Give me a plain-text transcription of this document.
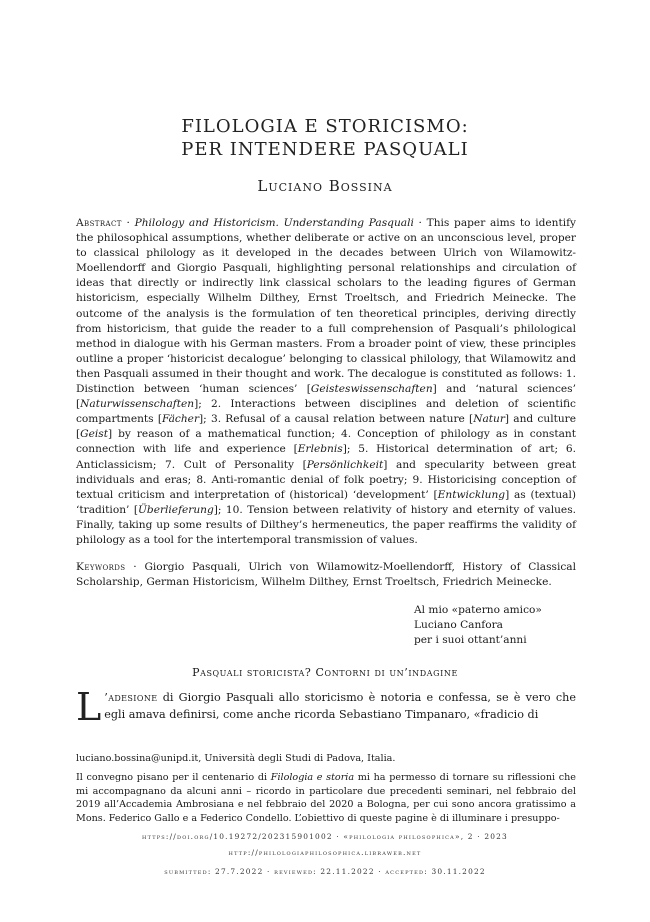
FILOLOGIA E STORICISMO:
PER INTENDERE PASQUALI
Luciano Bossina
Abstract · Philology and Historicism. Understanding Pasquali · This paper aims to identify the philosophical assumptions, whether deliberate or active on an unconscious level, proper to classical philology as it developed in the decades between Ulrich von Wilamowitz-Moellendorff and Giorgio Pasquali, highlighting personal relationships and circulation of ideas that directly or indirectly link classical scholars to the leading figures of German historicism, especially Wilhelm Dilthey, Ernst Troeltsch, and Friedrich Meinecke. The outcome of the analysis is the formulation of ten theoretical principles, deriving directly from historicism, that guide the reader to a full comprehension of Pasquali’s philological method in dialogue with his German masters. From a broader point of view, these principles outline a proper ‘historicist decalogue’ belonging to classical philology, that Wilamowitz and then Pasquali assumed in their thought and work. The decalogue is constituted as follows: 1. Distinction between ‘human sciences’ [Geisteswissenschaften] and ‘natural sciences’ [Naturwissenschaften]; 2. Interactions between disciplines and deletion of scientific compartments [Fächer]; 3. Refusal of a causal relation between nature [Natur] and culture [Geist] by reason of a mathematical function; 4. Conception of philology as in constant connection with life and experience [Erlebnis]; 5. Historical determination of art; 6. Anticlassicism; 7. Cult of Personality [Persönlichkeit] and specularity between great individuals and eras; 8. Anti-romantic denial of folk poetry; 9. Historicising conception of textual criticism and interpretation of (historical) ‘development’ [Entwicklung] as (textual) ‘tradition’ [Überlieferung]; 10. Tension between relativity of history and eternity of values. Finally, taking up some results of Dilthey’s hermeneutics, the paper reaffirms the validity of philology as a tool for the intertemporal transmission of values.
Keywords · Giorgio Pasquali, Ulrich von Wilamowitz-Moellendorff, History of Classical Scholarship, German Historicism, Wilhelm Dilthey, Ernst Troeltsch, Friedrich Meinecke.
Al mio «paterno amico»
Luciano Canfora
per i suoi ottant’anni
Pasquali storicista? Contorni di un’indagine
L ’adesione di Giorgio Pasquali allo storicismo è notoria e confessa, se è vero che egli amava definirsi, come anche ricorda Sebastiano Timpanaro, «fradicio di

luciano.bossina@unipd.it, Università degli Studi di Padova, Italia.

Il convegno pisano per il centenario di Filologia e storia mi ha permesso di tornare su riflessioni che mi accompagnano da alcuni anni – ricordo in particolare due precedenti seminari, nel febbraio del 2019 all’Accademia Ambrosiana e nel febbraio del 2020 a Bologna, per cui sono ancora gratissimo a Mons. Federico Gallo e a Federico Condello. L’obiettivo di queste pagine è di illuminare i presuppo-

https://doi.org/10.19272/202315901002 · «philologia philosophica», 2 · 2023
http://philologiaphilosophica.libraweb.net
submitted: 27.7.2022 · reviewed: 22.11.2022 · accepted: 30.11.2022
